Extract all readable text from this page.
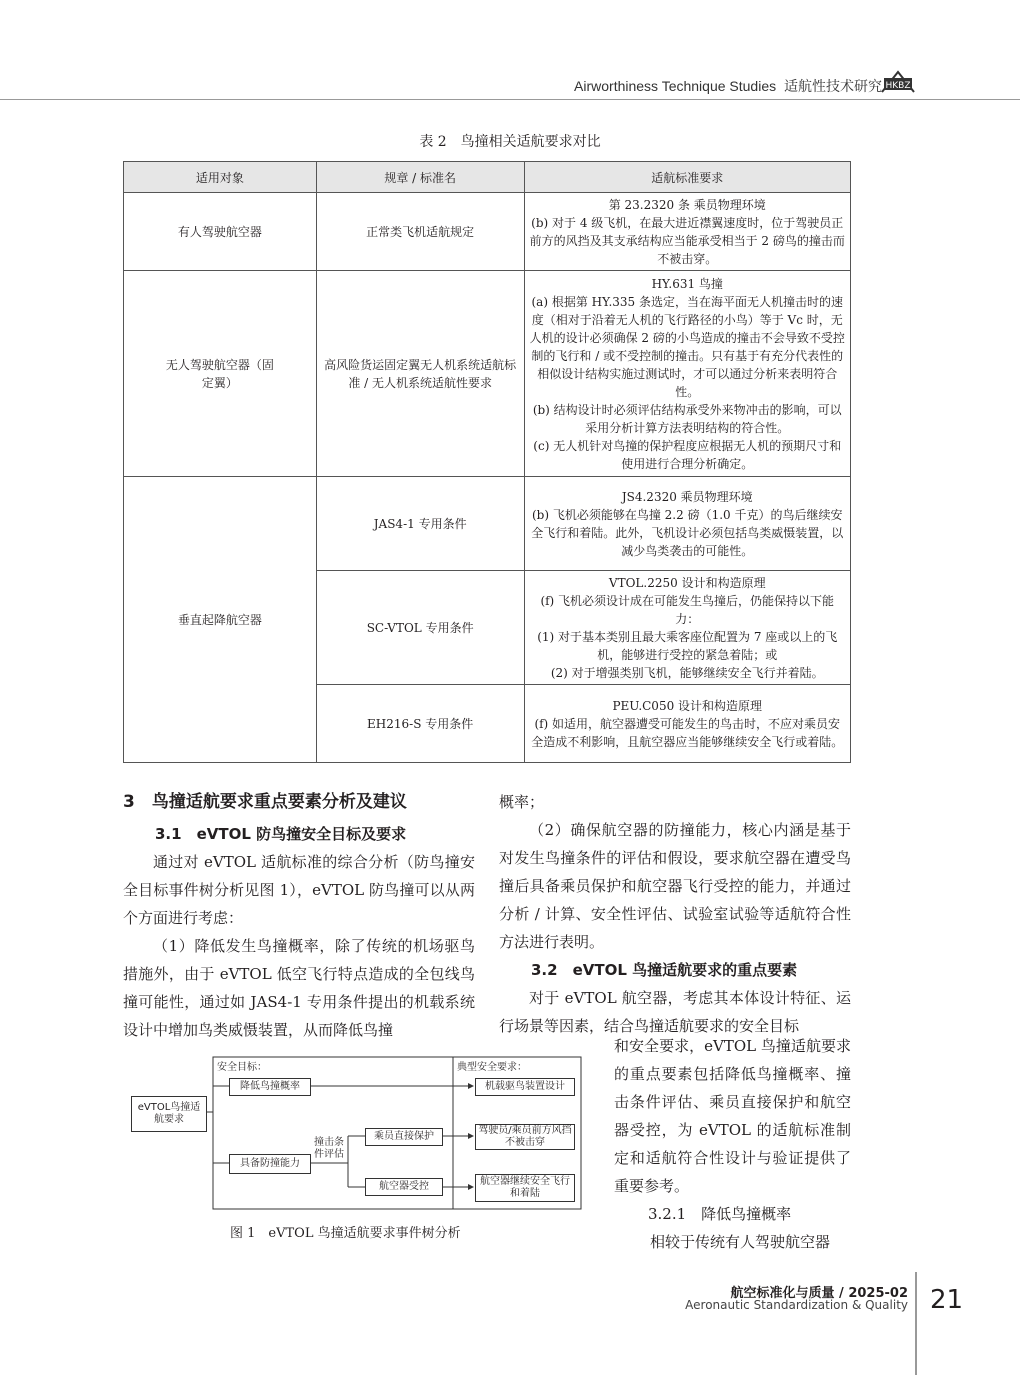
Airworthiness Technique Studies 适航性技术研究 HKBZ
表 2　鸟撞相关适航要求对比
适用对象	规章 / 标准名	适航标准要求
有人驾驶航空器	正常类飞机适航规定	第 23.2320 条 乘员物理环境
(b) 对于 4 级飞机，在最大进近襟翼速度时，位于驾驶员正前方的风挡及其支承结构应当能承受相当于 2 磅鸟的撞击而不被击穿。

无人驾驶航空器（固定翼）	高风险货运固定翼无人机系统适航标准 / 无人机系统适航性要求	HY.631 鸟撞
(a) 根据第 HY.335 条选定，当在海平面无人机撞击时的速度（相对于沿着无人机的飞行路径的小鸟）等于 Vc 时，无人机的设计必须确保 2 磅的小鸟造成的撞击不会导致不受控制的飞行和 / 或不受控制的撞击。只有基于有充分代表性的相似设计结构实施过测试时，才可以通过分析来表明符合性。
(b) 结构设计时必须评估结构承受外来物冲击的影响，可以采用分析计算方法表明结构的符合性。
(c) 无人机针对鸟撞的保护程度应根据无人机的预期尺寸和使用进行合理分析确定。

垂直起降航空器	JAS4-1 专用条件	JS4.2320 乘员物理环境
(b) 飞机必须能够在鸟撞 2.2 磅（1.0 千克）的鸟后继续安全飞行和着陆。此外，飞机设计必须包括鸟类威慑装置，以减少鸟类袭击的可能性。

	SC-VTOL 专用条件	VTOL.2250 设计和构造原理
(f) 飞机必须设计成在可能发生鸟撞后，仍能保持以下能力：
(1) 对于基本类别且最大乘客座位配置为 7 座或以上的飞机，能够进行受控的紧急着陆；或
(2) 对于增强类别飞机，能够继续安全飞行并着陆。

	EH216-S 专用条件	PEU.C050 设计和构造原理
(f) 如适用，航空器遭受可能发生的鸟击时，不应对乘员安全造成不利影响，且航空器应当能够继续安全飞行或着陆。
3　鸟撞适航要求重点要素分析及建议
3.1　eVTOL 防鸟撞安全目标及要求

通过对 eVTOL 适航标准的综合分析（防鸟撞安全目标事件树分析见图 1），eVTOL 防鸟撞可以从两个方面进行考虑：

（1）降低发生鸟撞概率，除了传统的机场驱鸟措施外，由于 eVTOL 低空飞行特点造成的全包线鸟撞可能性，通过如 JAS4-1 专用条件提出的机载系统设计中增加鸟类威慑装置，从而降低鸟撞

概率；

（2）确保航空器的防撞能力，核心内涵是基于对发生鸟撞条件的评估和假设，要求航空器在遭受鸟撞后具备乘员保护和航空器飞行受控的能力，并通过分析 / 计算、安全性评估、试验室试验等适航符合性方法进行表明。

3.2　eVTOL 鸟撞适航要求的重点要素

对于 eVTOL 航空器，考虑其本体设计特征、运行场景等因素，结合鸟撞适航要求的安全目标

和安全要求，eVTOL 鸟撞适航要求的重点要素包括降低鸟撞概率、撞击条件评估、乘员直接保护和航空器受控，为 eVTOL 的适航标准制定和适航符合性设计与验证提供了重要参考。

3.2.1　降低鸟撞概率

相较于传统有人驾驶航空器

安全目标：	典型安全要求：
eVTOL鸟撞适航要求
降低鸟撞概率
具备防撞能力
撞击条件评估
乘员直接保护
航空器受控
机载驱鸟装置设计
驾驶员/乘员前方风挡不被击穿
航空器继续安全飞行和着陆
图 1　eVTOL 鸟撞适航要求事件树分析
航空标准化与质量 / 2025-02
Aeronautic Standardization & Quality 21
